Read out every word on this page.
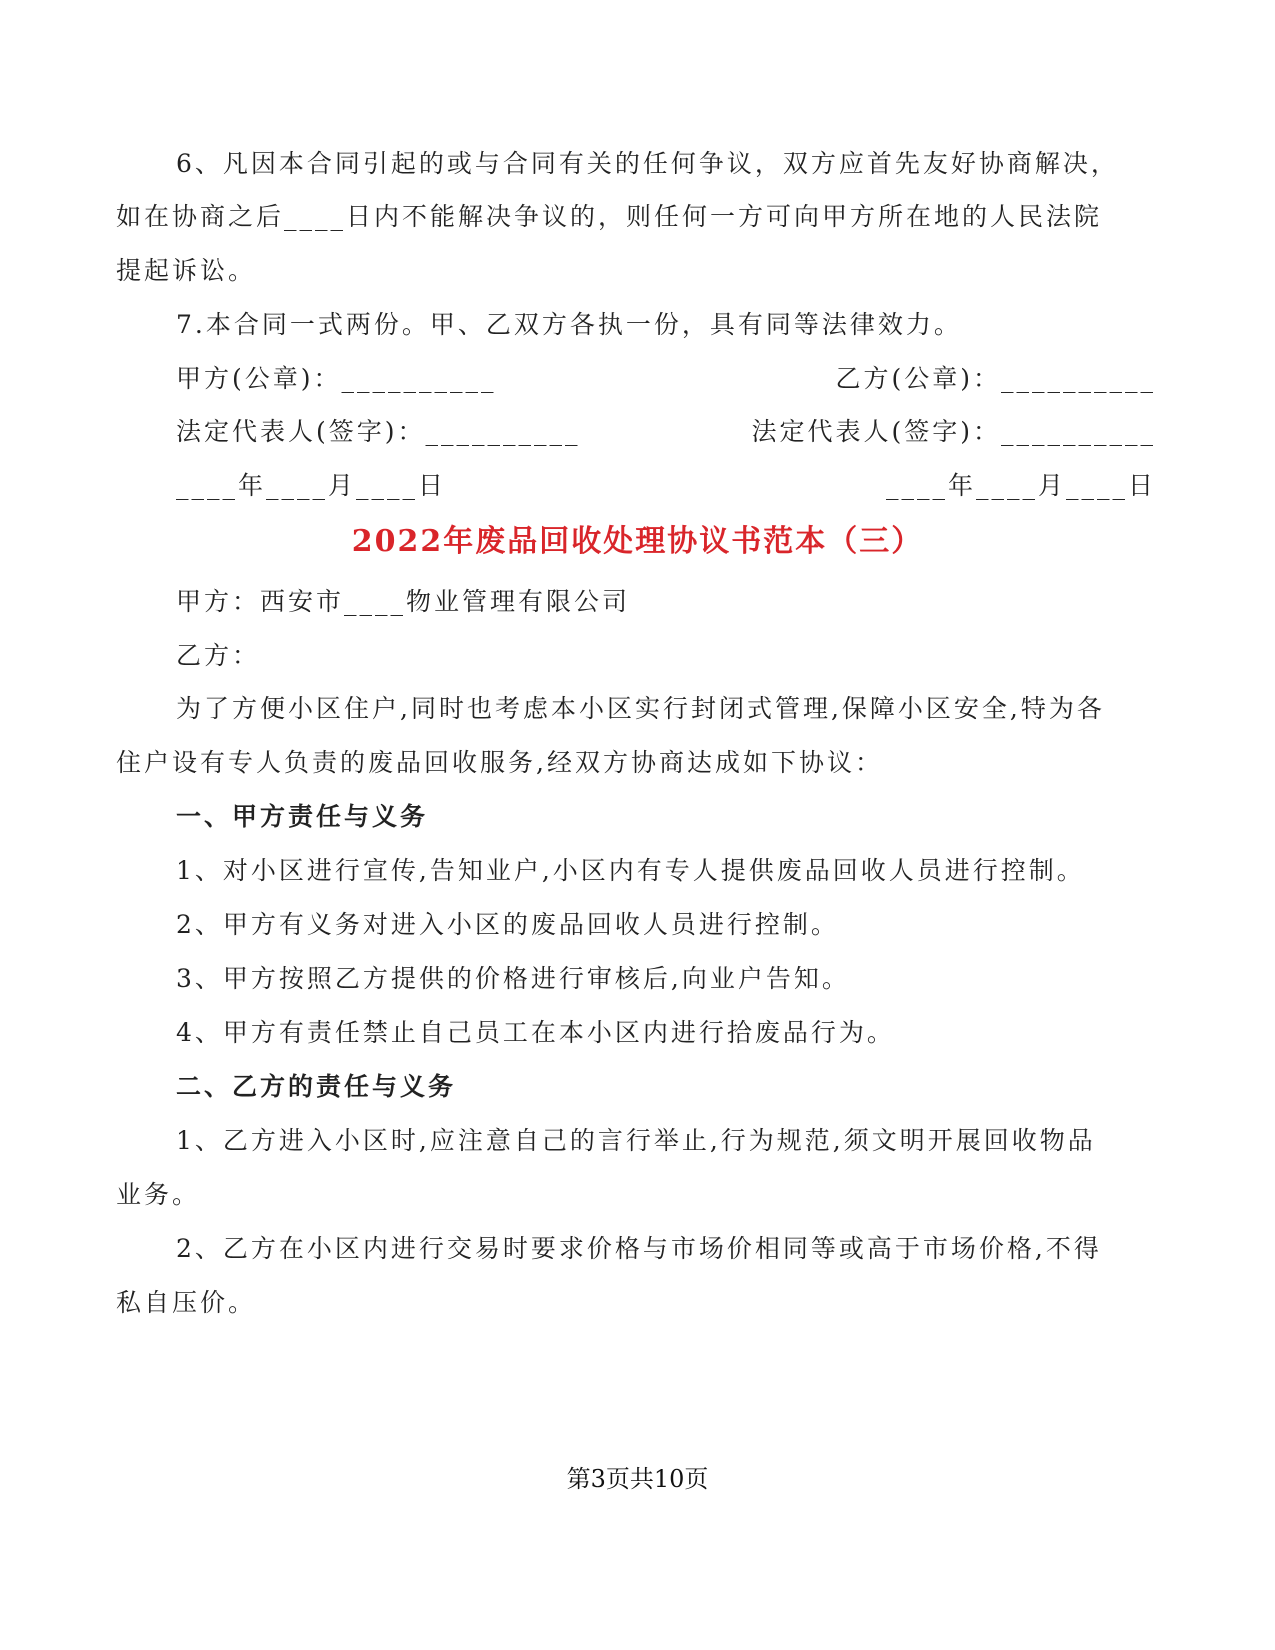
6、凡因本合同引起的或与合同有关的任何争议，双方应首先友好协商解决，
如在协商之后____日内不能解决争议的，则任何一方可向甲方所在地的人民法院
提起诉讼。
7.本合同一式两份。甲、乙双方各执一份，具有同等法律效力。
甲方(公章)：__________	乙方(公章)：__________
法定代表人(签字)：__________	法定代表人(签字)：__________
____年____月____日	____年____月____日
2022年废品回收处理协议书范本（三）
甲方：西安市____物业管理有限公司
乙方：
为了方便小区住户,同时也考虑本小区实行封闭式管理,保障小区安全,特为各
住户设有专人负责的废品回收服务,经双方协商达成如下协议：
一、甲方责任与义务
1、对小区进行宣传,告知业户,小区内有专人提供废品回收人员进行控制。
2、甲方有义务对进入小区的废品回收人员进行控制。
3、甲方按照乙方提供的价格进行审核后,向业户告知。
4、甲方有责任禁止自己员工在本小区内进行拾废品行为。
二、乙方的责任与义务
1、乙方进入小区时,应注意自己的言行举止,行为规范,须文明开展回收物品
业务。
2、乙方在小区内进行交易时要求价格与市场价相同等或高于市场价格,不得
私自压价。
第3页共10页
